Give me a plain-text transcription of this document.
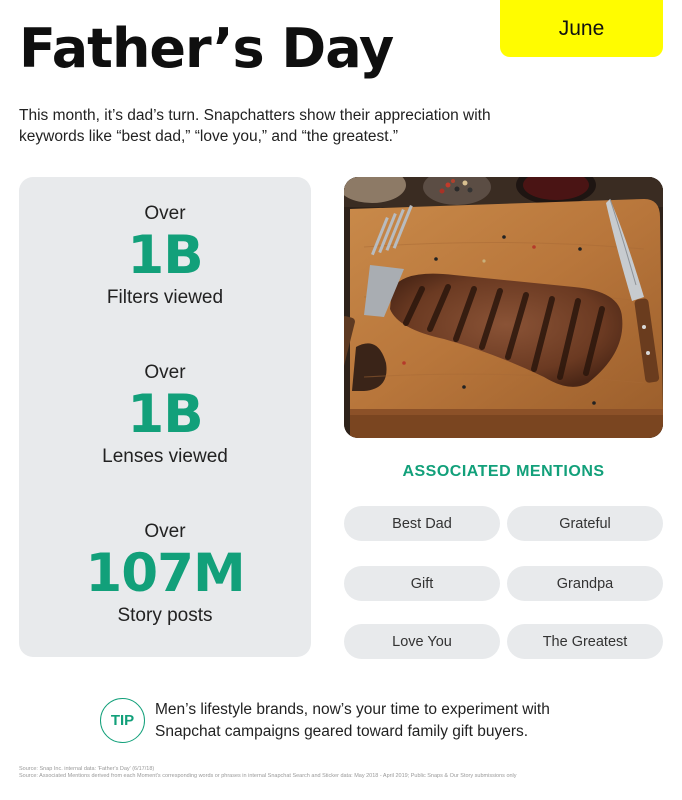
June
Father’s Day

This month, it’s dad’s turn. Snapchatters show their appreciation with keywords like “best dad,” “love you,” and “the greatest.”

Over
1B
Filters viewed
Over
1B
Lenses viewed
Over
107M
Story posts
ASSOCIATED MENTIONS
Best Dad	Grateful
Gift	Grandpa
Love You	The Greatest
TIP

Men’s lifestyle brands, now’s your time to experiment with Snapchat campaigns geared toward family gift buyers.

Source: Snap Inc. internal data: 'Father's Day' (6/17/18)
Source: Associated Mentions derived from each Moment's corresponding words or phrases in internal Snapchat Search and Sticker data: May 2018 - April 2019; Public Snaps & Our Story submissions only
